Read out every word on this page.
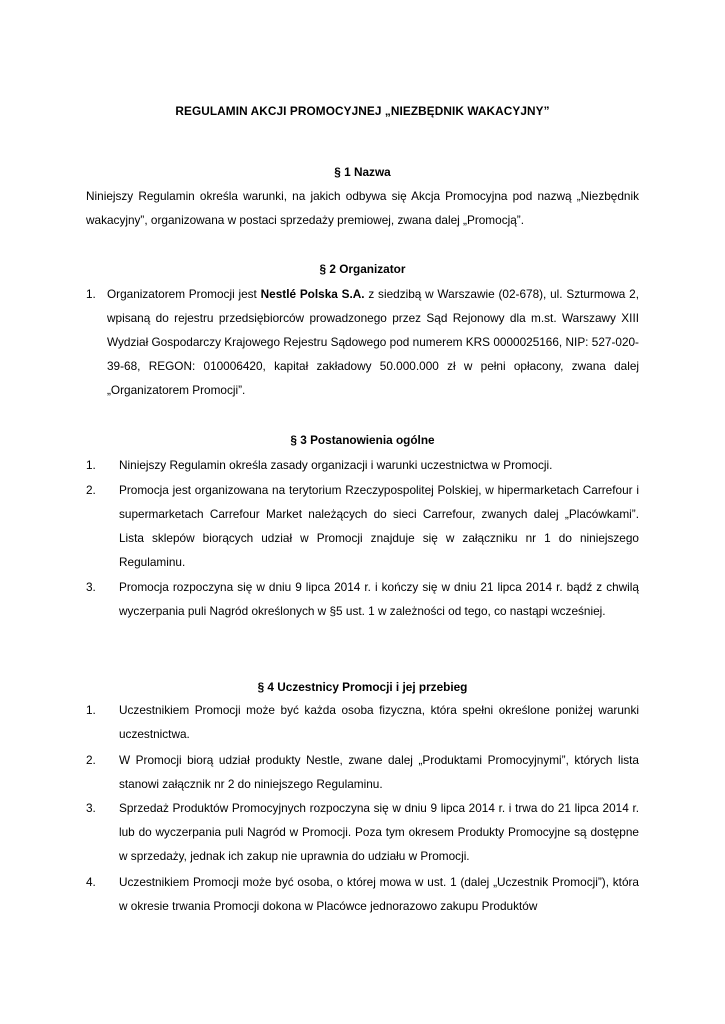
REGULAMIN AKCJI PROMOCYJNEJ „NIEZBĘDNIK WAKACYJNY”
§ 1 Nazwa
Niniejszy Regulamin określa warunki, na jakich odbywa się Akcja Promocyjna pod nazwą „Niezbędnik wakacyjny”, organizowana w postaci sprzedaży premiowej, zwana dalej „Promocją”.
§ 2 Organizator
1. Organizatorem Promocji jest Nestlé Polska S.A. z siedzibą w Warszawie (02-678), ul. Szturmowa 2, wpisaną do rejestru przedsiębiorców prowadzonego przez Sąd Rejonowy dla m.st. Warszawy XIII Wydział Gospodarczy Krajowego Rejestru Sądowego pod numerem KRS 0000025166, NIP: 527-020-39-68, REGON: 010006420, kapitał zakładowy 50.000.000 zł w pełni opłacony, zwana dalej „Organizatorem Promocji”.
§ 3 Postanowienia ogólne
1.	Niniejszy Regulamin określa zasady organizacji i warunki uczestnictwa w Promocji.
2.	Promocja jest organizowana na terytorium Rzeczypospolitej Polskiej, w hipermarketach Carrefour i supermarketach Carrefour Market należących do sieci Carrefour, zwanych dalej „Placówkami”. Lista sklepów biorących udział w Promocji znajduje się w załączniku nr 1 do niniejszego Regulaminu.
3.	Promocja rozpoczyna się w dniu 9 lipca 2014 r. i kończy się w dniu 21 lipca 2014 r. bądź z chwilą wyczerpania puli Nagród określonych w §5 ust. 1 w zależności od tego, co nastąpi wcześniej.
§ 4 Uczestnicy Promocji i jej przebieg
1.	Uczestnikiem Promocji może być każda osoba fizyczna, która spełni określone poniżej warunki uczestnictwa.
2.	W Promocji biorą udział produkty Nestle, zwane dalej „Produktami Promocyjnymi”, których lista stanowi załącznik nr 2 do niniejszego Regulaminu.
3.	Sprzedaż Produktów Promocyjnych rozpoczyna się w dniu 9 lipca 2014 r. i trwa do 21 lipca 2014 r. lub do wyczerpania puli Nagród w Promocji. Poza tym okresem Produkty Promocyjne są dostępne w sprzedaży, jednak ich zakup nie uprawnia do udziału w Promocji.
4.	Uczestnikiem Promocji może być osoba, o której mowa w ust. 1 (dalej „Uczestnik Promocji”), która w okresie trwania Promocji dokona w Placówce jednorazowo zakupu Produktów
